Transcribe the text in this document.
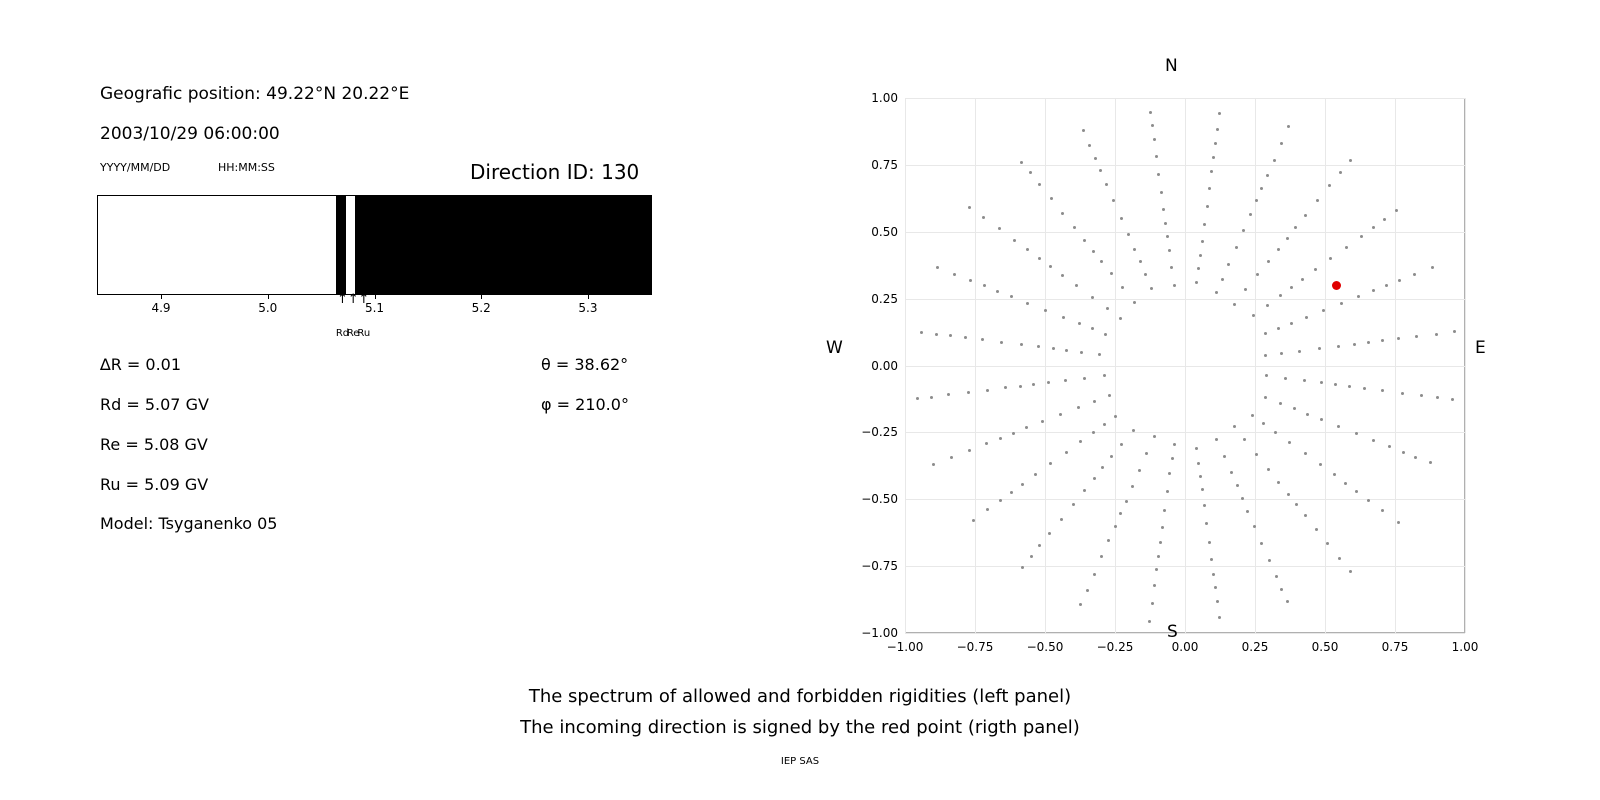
Geografic position: 49.22°N 20.22°E
2003/10/29 06:00:00
YYYY/MM/DD	HH:MM:SS	Direction ID: 130
4.9	5.0	5.1	5.2	5.3
↑
Rd
↑
Re
↑
Ru
∆R = 0.01
Rd = 5.07 GV
Re = 5.08 GV
Ru = 5.09 GV
Model: Tsyganenko 05
θ = 38.62°
φ = 210.0°
−1.00	−0.75	−0.50	−0.25	0.00	0.25	0.50	0.75	1.00
−1.00
−0.75
−0.50
−0.25
0.00
0.25
0.50
0.75
1.00
N
S
E
W
The spectrum of allowed and forbidden rigidities (left panel)
The incoming direction is signed by the red point (rigth panel)
IEP SAS
